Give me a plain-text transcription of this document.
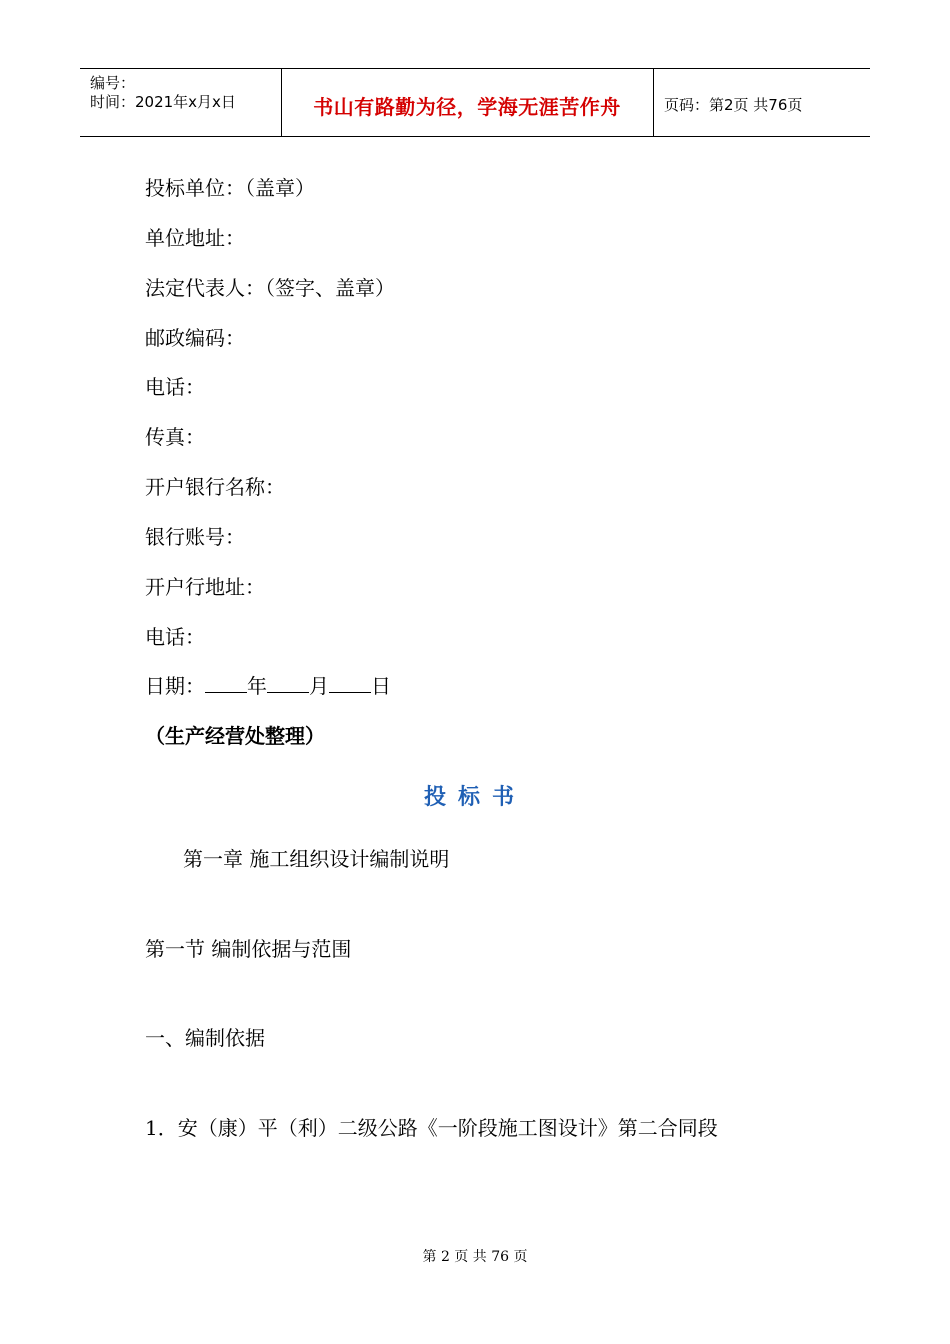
编号：
时间：2021年x月x日	书山有路勤为径，学海无涯苦作舟	页码：第2页 共76页
投标单位：（盖章）
单位地址：
法定代表人：（签字、盖章）
邮政编码：
电话：
传真：
开户银行名称：
银行账号：
开户行地址：
电话：
日期： 年 月 日
（生产经营处整理）
投标书
第一章 施工组织设计编制说明
第一节 编制依据与范围
一、编制依据
1．安（康）平（利）二级公路《一阶段施工图设计》第二合同段
第 2 页 共 76 页
